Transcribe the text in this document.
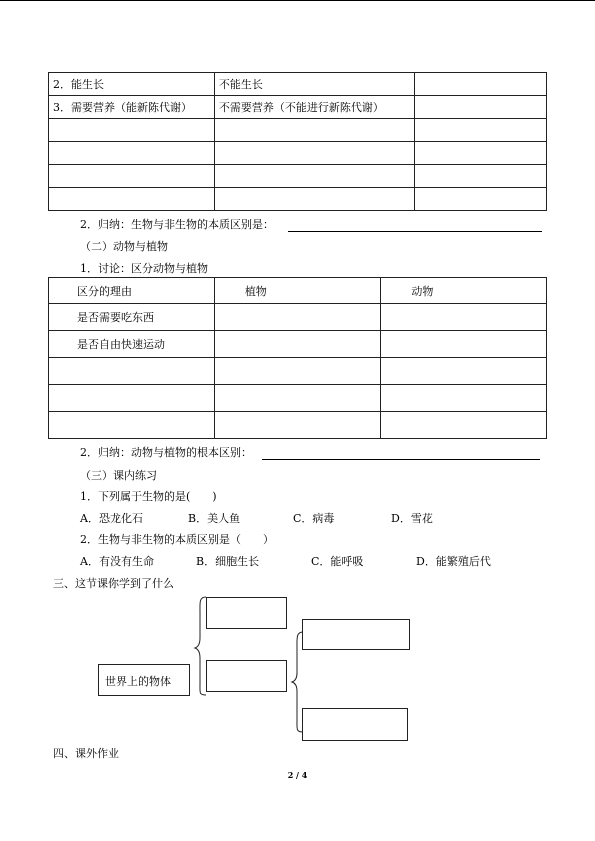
2．能生长	不能生长	
3．需要营养（能新陈代谢）	不需要营养（不能进行新陈代谢）	

2．归纳：生物与非生物的本质区别是：
（二）动物与植物
1．讨论：区分动物与植物
区分的理由	植物	动物
是否需要吃东西		
是否自由快速运动		

2．归纳：动物与植物的根本区别：
（三）课内练习
1．下列属于生物的是(　　)
A．恐龙化石	B．美人鱼	C．病毒	D．雪花
2．生物与非生物的本质区别是（　　）
A．有没有生命	B．细胞生长	C．能呼吸	D．能繁殖后代
三、这节课你学到了什么
世界上的物体
四、课外作业
2 / 4
